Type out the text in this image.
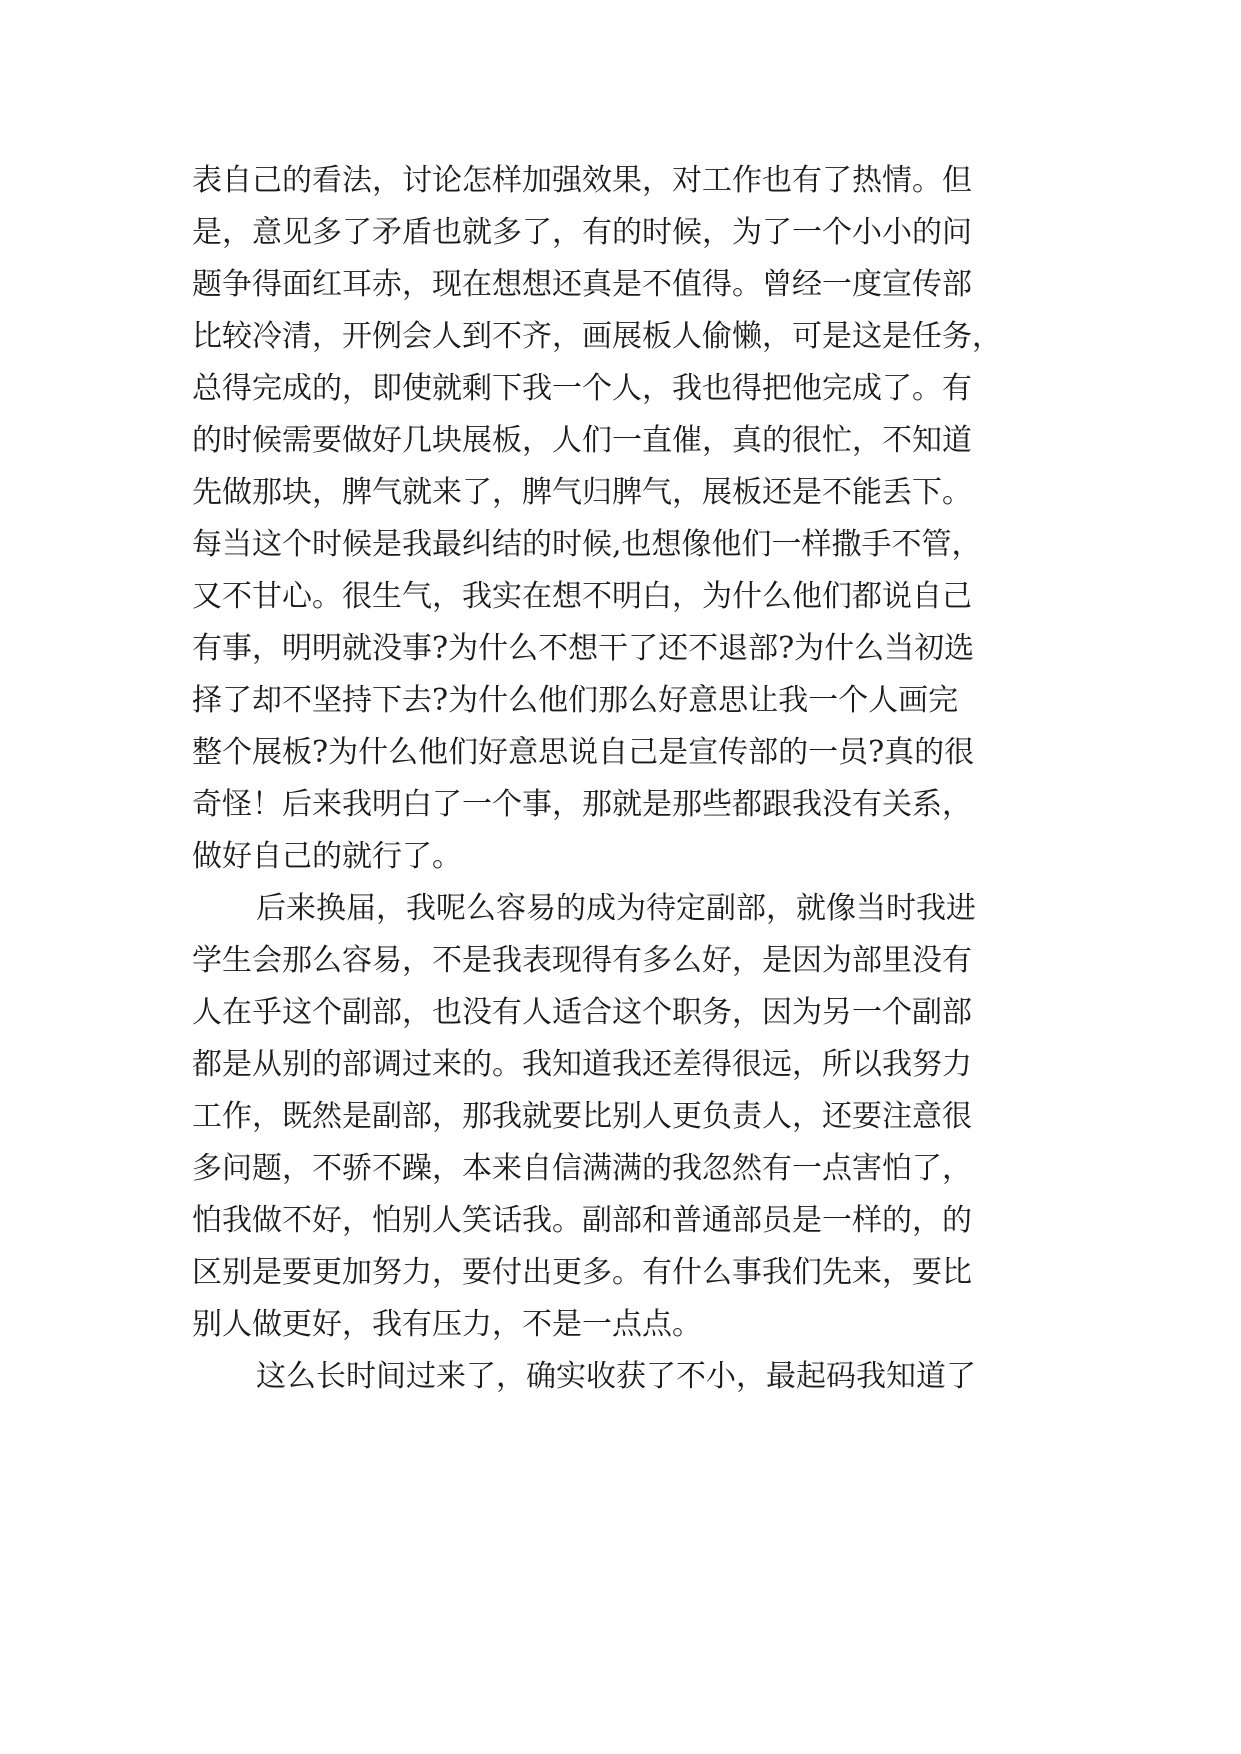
表自己的看法，讨论怎样加强效果，对工作也有了热情。但
是，意见多了矛盾也就多了，有的时候，为了一个小小的问
题争得面红耳赤，现在想想还真是不值得。曾经一度宣传部
比较冷清，开例会人到不齐，画展板人偷懒，可是这是任务，
总得完成的，即使就剩下我一个人，我也得把他完成了。有
的时候需要做好几块展板，人们一直催，真的很忙，不知道
先做那块，脾气就来了，脾气归脾气，展板还是不能丢下。
每当这个时候是我最纠结的时候,也想像他们一样撒手不管，
又不甘心。很生气，我实在想不明白，为什么他们都说自己
有事，明明就没事?为什么不想干了还不退部?为什么当初选
择了却不坚持下去?为什么他们那么好意思让我一个人画完
整个展板?为什么他们好意思说自己是宣传部的一员?真的很
奇怪！后来我明白了一个事，那就是那些都跟我没有关系，
做好自己的就行了。
后来换届，我呢么容易的成为待定副部，就像当时我进
学生会那么容易，不是我表现得有多么好，是因为部里没有
人在乎这个副部，也没有人适合这个职务，因为另一个副部
都是从别的部调过来的。我知道我还差得很远，所以我努力
工作，既然是副部，那我就要比别人更负责人，还要注意很
多问题，不骄不躁，本来自信满满的我忽然有一点害怕了，
怕我做不好，怕别人笑话我。副部和普通部员是一样的，的
区别是要更加努力，要付出更多。有什么事我们先来，要比
别人做更好，我有压力，不是一点点。
这么长时间过来了，确实收获了不小，最起码我知道了
